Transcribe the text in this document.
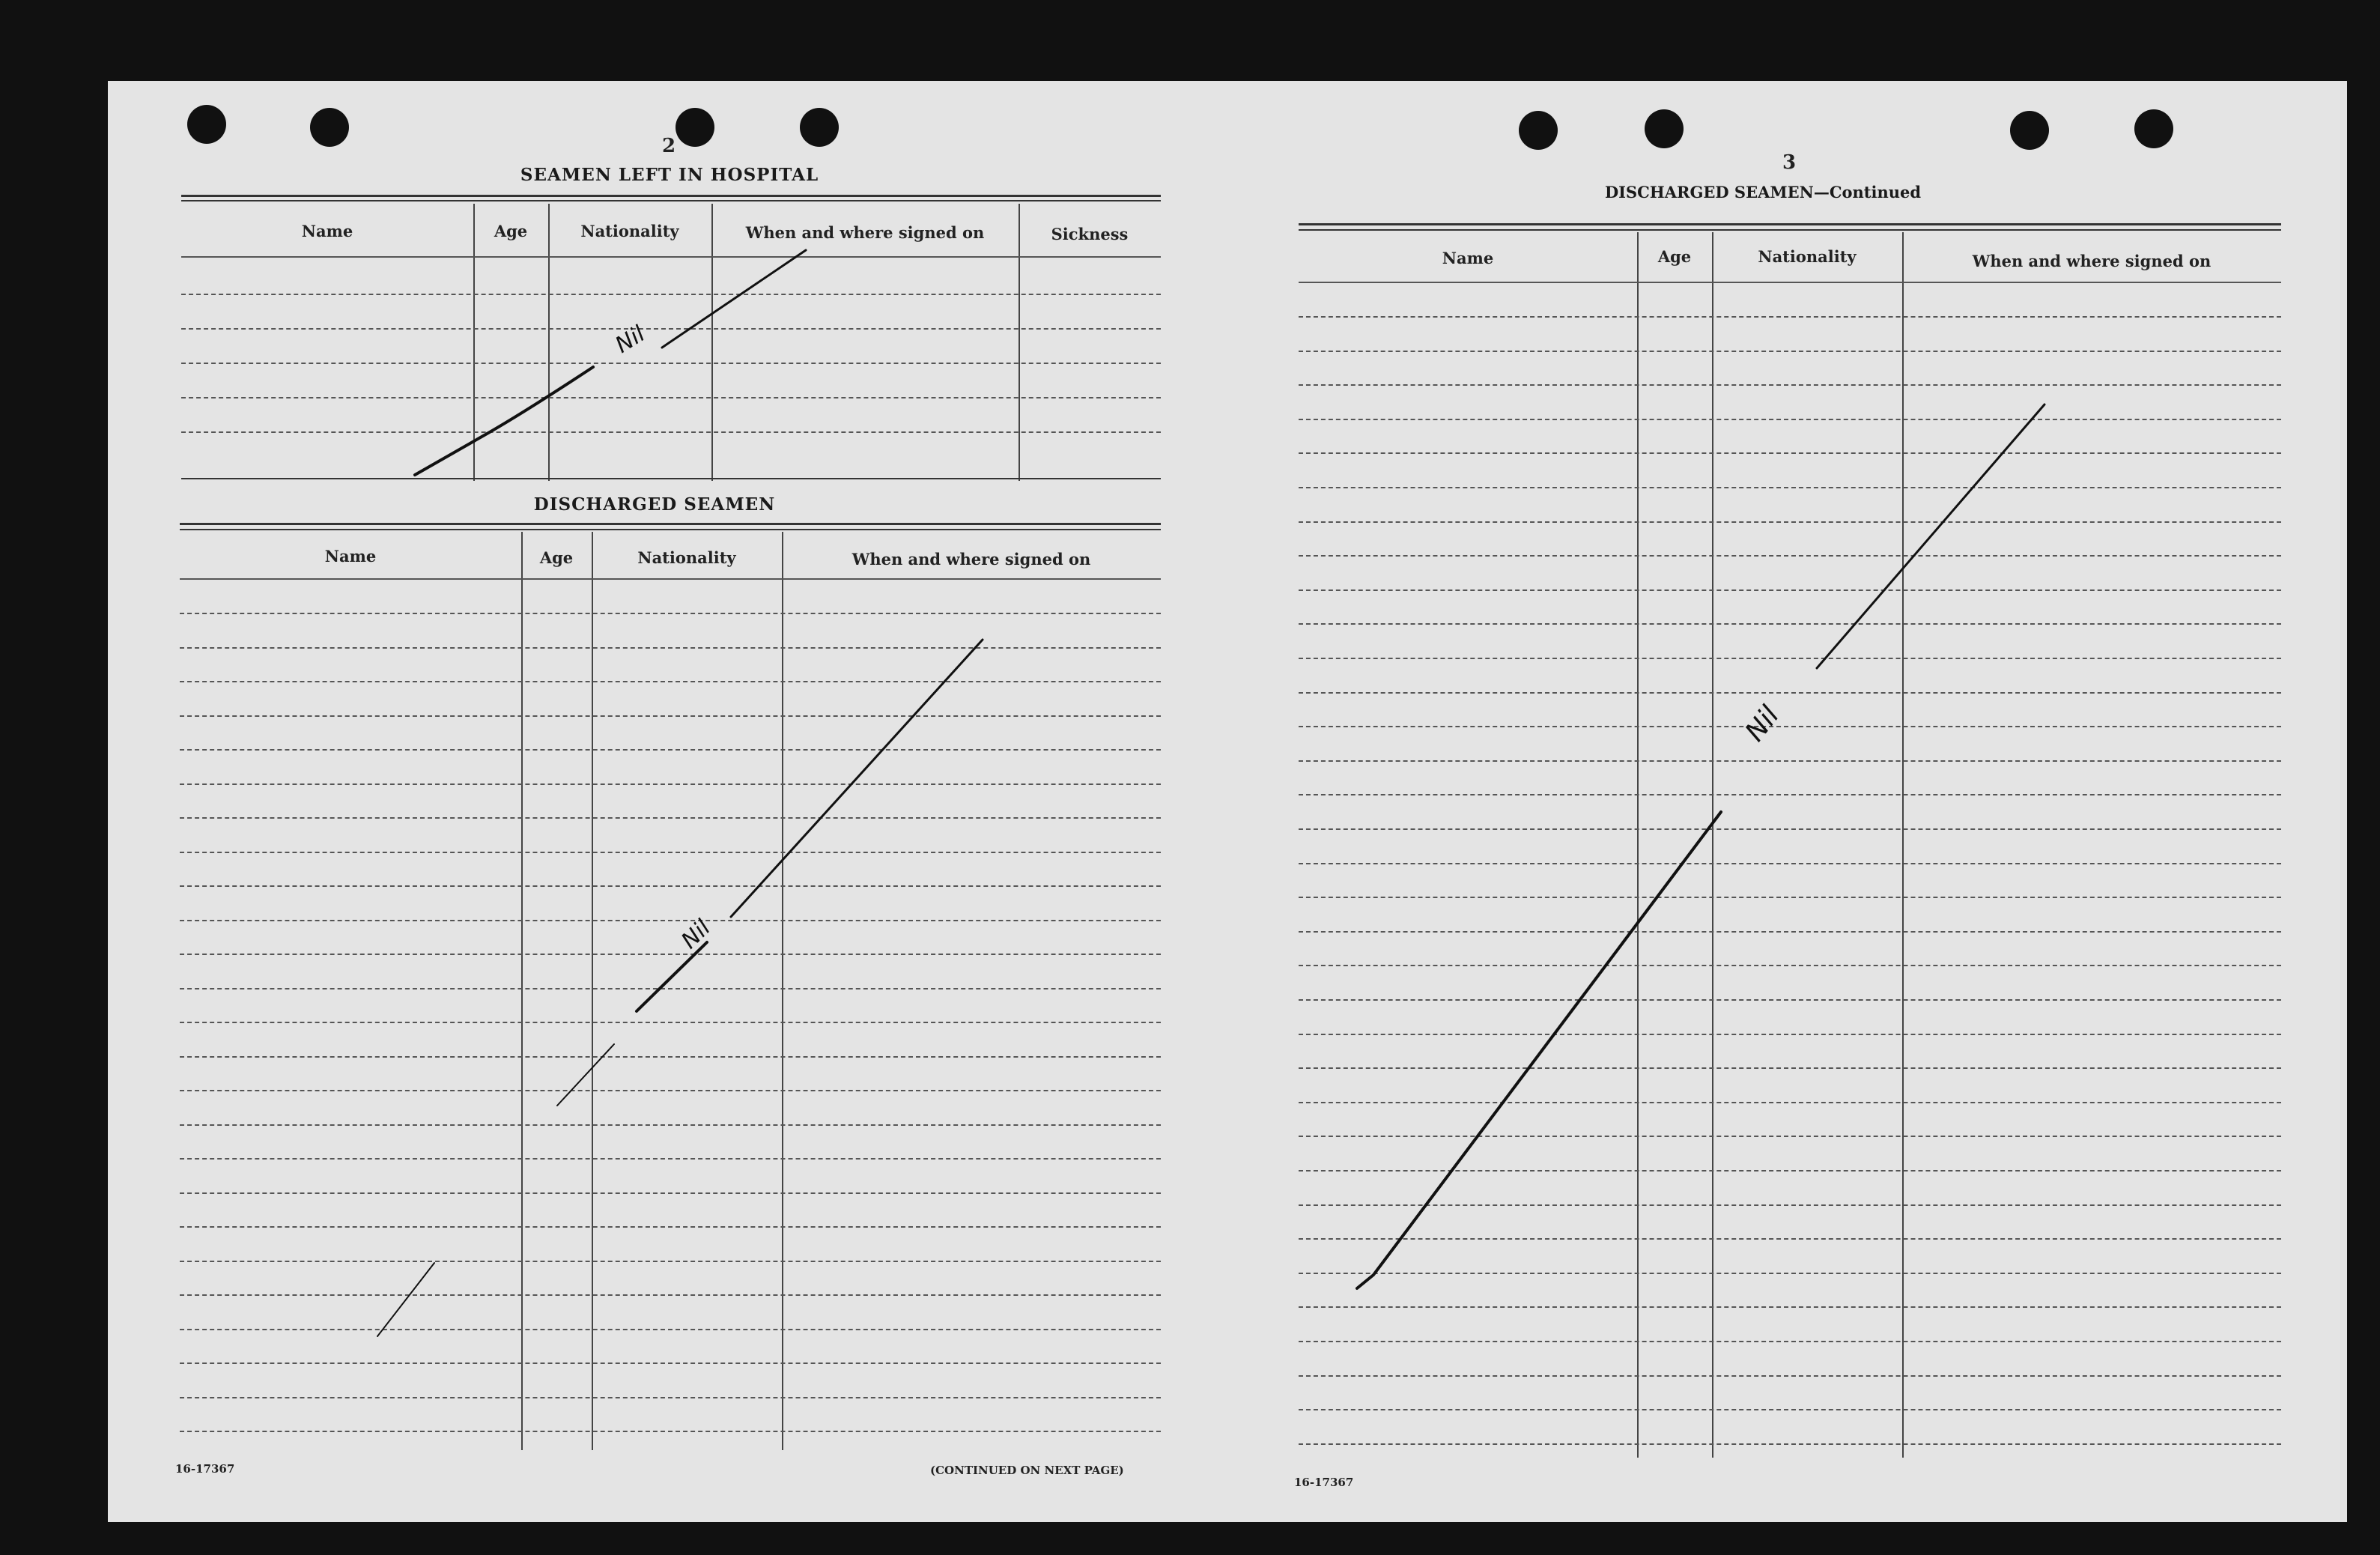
2
SEAMEN LEFT IN HOSPITAL
Name	Age	Nationality	When and where signed on	Sickness
DISCHARGED SEAMEN
Name	Age	Nationality	When and where signed on
16-17367	(CONTINUED ON NEXT PAGE)
3
DISCHARGED SEAMEN—Continued
Name	Age	Nationality	When and where signed on
16-17367
Nil
Nil
Nil
